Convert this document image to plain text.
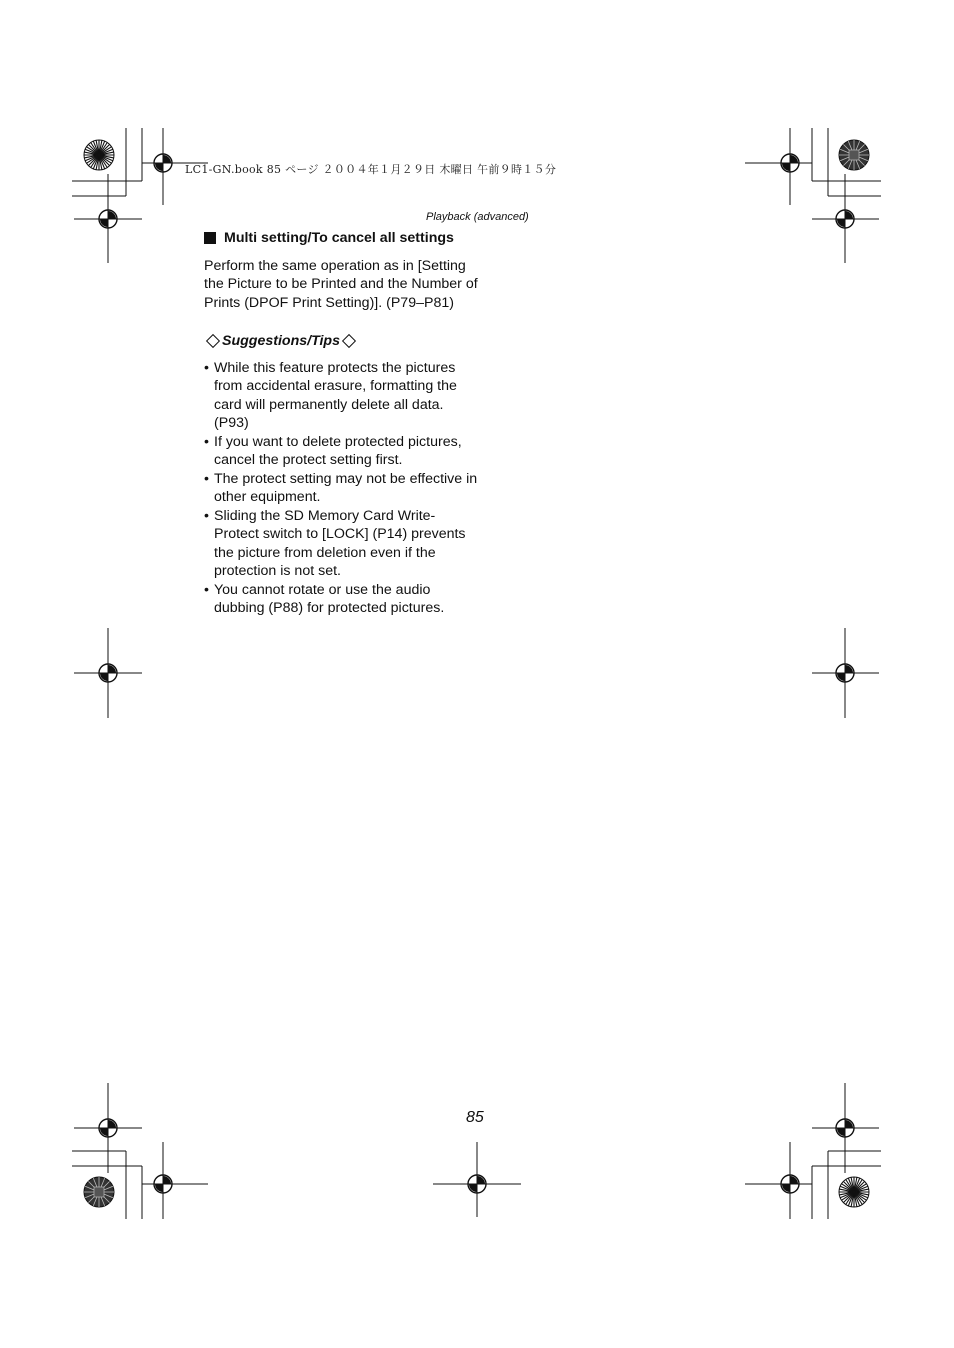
LC1-GN.book 85 ページ ２００４年１月２９日 木曜日 午前９時１５分
Playback (advanced)
Multi setting/To cancel all settings

Perform the same operation as in [Setting the Picture to be Printed and the Number of Prints (DPOF Print Setting)]. (P79–P81)

Suggestions/Tips
• While this feature protects the pictures from accidental erasure, formatting the card will permanently delete all data. (P93)
• If you want to delete protected pictures, cancel the protect setting first.
• The protect setting may not be effective in other equipment.
• Sliding the SD Memory Card Write-Protect switch to [LOCK] (P14) prevents the picture from deletion even if the protection is not set.
• You cannot rotate or use the audio dubbing (P88) for protected pictures.
85
